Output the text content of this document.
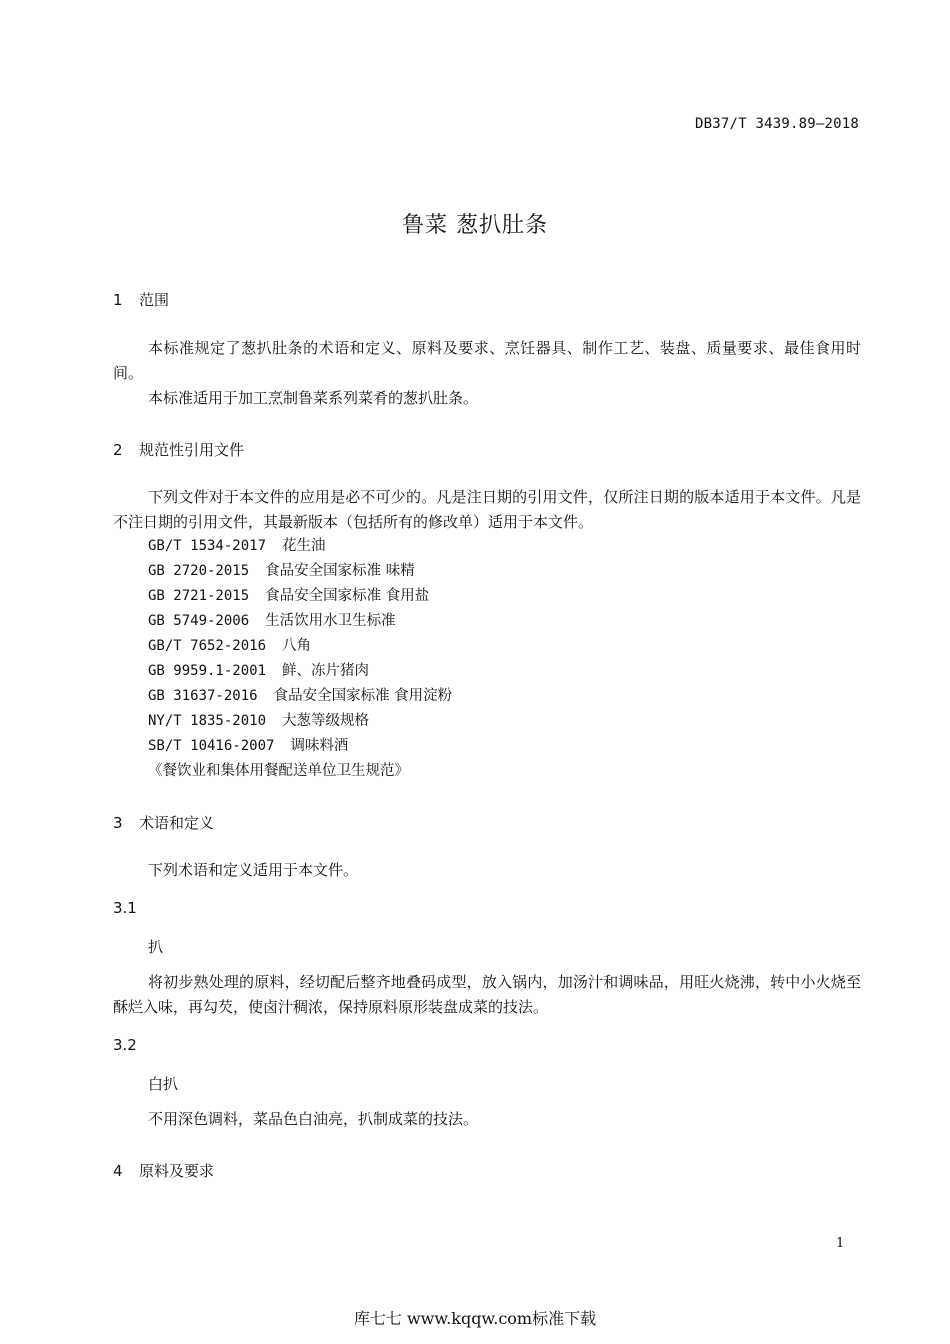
DB37/T 3439.89—2018
鲁菜 葱扒肚条
1 范围

本标准规定了葱扒肚条的术语和定义、原料及要求、烹饪器具、制作工艺、装盘、质量要求、最佳食用时间。

本标准适用于加工烹制鲁菜系列菜肴的葱扒肚条。

2 规范性引用文件

下列文件对于本文件的应用是必不可少的。凡是注日期的引用文件，仅所注日期的版本适用于本文件。凡是不注日期的引用文件，其最新版本（包括所有的修改单）适用于本文件。

GB/T 1534-2017 花生油
GB 2720-2015 食品安全国家标准 味精
GB 2721-2015 食品安全国家标准 食用盐
GB 5749-2006 生活饮用水卫生标准
GB/T 7652-2016 八角
GB 9959.1-2001 鲜、冻片猪肉
GB 31637-2016 食品安全国家标准 食用淀粉
NY/T 1835-2010 大葱等级规格
SB/T 10416-2007 调味料酒
《餐饮业和集体用餐配送单位卫生规范》
3 术语和定义

下列术语和定义适用于本文件。

3.1
扒

将初步熟处理的原料，经切配后整齐地叠码成型，放入锅内，加汤汁和调味品，用旺火烧沸，转中小火烧至酥烂入味，再勾芡，使卤汁稠浓，保持原料原形装盘成菜的技法。

3.2
白扒

不用深色调料，菜品色白油亮，扒制成菜的技法。

4 原料及要求
1
库七七 www.kqqw.com标准下载
